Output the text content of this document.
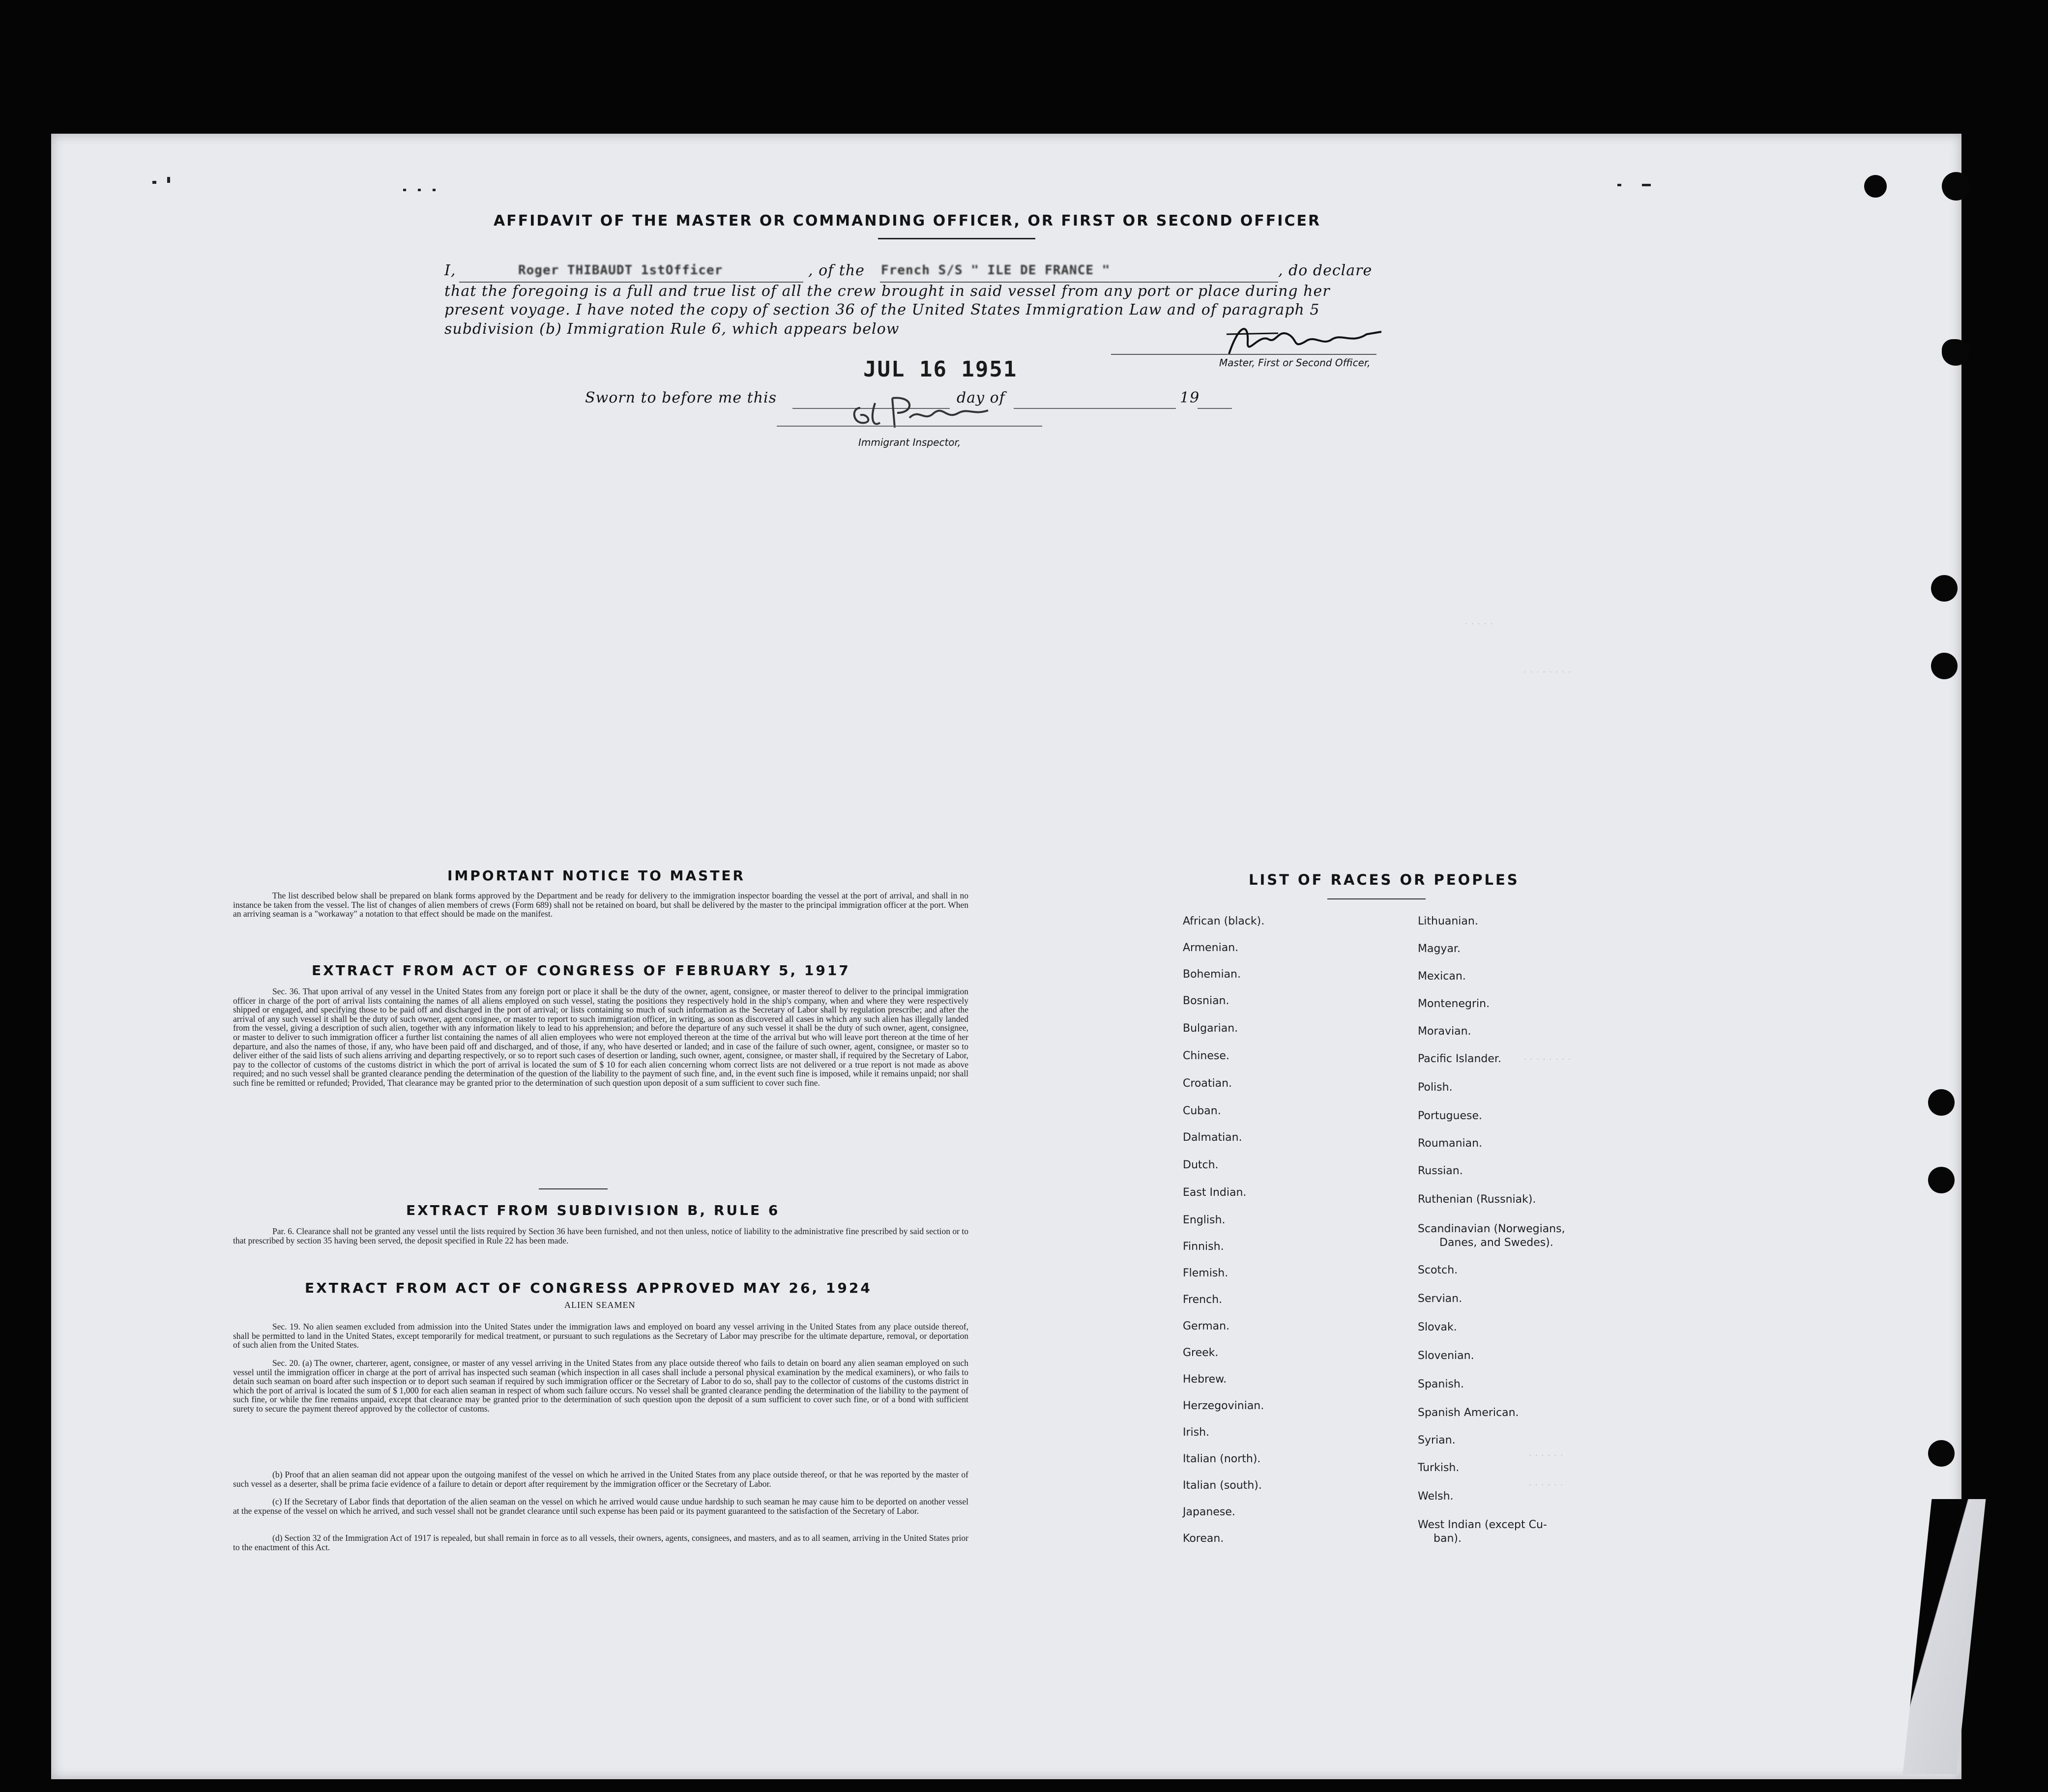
AFFIDAVIT OF THE MASTER OR COMMANDING OFFICER, OR FIRST OR SECOND OFFICER
I,	Roger THIBAUDT 1stOfficer	, of the French S/S " ILE DE FRANCE "	, do declare
that the foregoing is a full and true list of all the crew brought in said vessel from any port or place during her
present voyage. I have noted the copy of section 36 of the United States Immigration Law and of paragraph 5
subdivision (b) Immigration Rule 6, which appears below
Master, First or Second Officer,
JUL 16 1951
Sworn to before me this	day of	19
Immigrant Inspector,
· · · · ·
· · · · · · · ·
· · · · · · · ·
· · · · · ·
· · · · · ·
IMPORTANT NOTICE TO MASTER
The list described below shall be prepared on blank forms approved by the Department and be ready for delivery to the immigration inspector boarding the vessel at the port of arrival, and shall in no instance be taken from the vessel. The list of changes of alien members of crews (Form 689) shall not be retained on board, but shall be delivered by the master to the principal immigration officer at the port. When an arriving seaman is a "workaway" a notation to that effect should be made on the manifest.
EXTRACT FROM ACT OF CONGRESS OF FEBRUARY 5, 1917
Sec. 36. That upon arrival of any vessel in the United States from any foreign port or place it shall be the duty of the owner, agent, consignee, or master thereof to deliver to the principal immigration officer in charge of the port of arrival lists containing the names of all aliens employed on such vessel, stating the positions they respectively hold in the ship's company, when and where they were respectively shipped or engaged, and specifying those to be paid off and discharged in the port of arrival; or lists containing so much of such information as the Secretary of Labor shall by regulation prescribe; and after the arrival of any such vessel it shall be the duty of such owner, agent consignee, or master to report to such immigration officer, in writing, as soon as discovered all cases in which any such alien has illegally landed from the vessel, giving a description of such alien, together with any information likely to lead to his apprehension; and before the departure of any such vessel it shall be the duty of such owner, agent, consignee, or master to deliver to such immigration officer a further list containing the names of all alien employees who were not employed thereon at the time of the arrival but who will leave port thereon at the time of her departure, and also the names of those, if any, who have been paid off and discharged, and of those, if any, who have deserted or landed; and in case of the failure of such owner, agent, consignee, or master so to deliver either of the said lists of such aliens arriving and departing respectively, or so to report such cases of desertion or landing, such owner, agent, consignee, or master shall, if required by the Secretary of Labor, pay to the collector of customs of the customs district in which the port of arrival is located the sum of $ 10 for each alien concerning whom correct lists are not delivered or a true report is not made as above required; and no such vessel shall be granted clearance pending the determination of the question of the liability to the payment of such fine, and, in the event such fine is imposed, while it remains unpaid; nor shall such fine be remitted or refunded; Provided, That clearance may be granted prior to the determination of such question upon deposit of a sum sufficient to cover such fine.
EXTRACT FROM SUBDIVISION B, RULE 6
Par. 6. Clearance shall not be granted any vessel until the lists required by Section 36 have been furnished, and not then unless, notice of liability to the administrative fine prescribed by said section or to that prescribed by section 35 having been served, the deposit specified in Rule 22 has been made.
EXTRACT FROM ACT OF CONGRESS APPROVED MAY 26, 1924
ALIEN SEAMEN
Sec. 19. No alien seamen excluded from admission into the United States under the immigration laws and employed on board any vessel arriving in the United States from any place outside thereof, shall be permitted to land in the United States, except temporarily for medical treatment, or pursuant to such regulations as the Secretary of Labor may prescribe for the ultimate departure, removal, or deportation of such alien from the United States.
Sec. 20. (a) The owner, charterer, agent, consignee, or master of any vessel arriving in the United States from any place outside thereof who fails to detain on board any alien seaman employed on such vessel until the immigration officer in charge at the port of arrival has inspected such seaman (which inspection in all cases shall include a personal physical examination by the medical examiners), or who fails to detain such seaman on board after such inspection or to deport such seaman if required by such immigration officer or the Secretary of Labor to do so, shall pay to the collector of customs of the customs district in which the port of arrival is located the sum of $ 1,000 for each alien seaman in respect of whom such failure occurs. No vessel shall be granted clearance pending the determination of the liability to the payment of such fine, or while the fine remains unpaid, except that clearance may be granted prior to the determination of such question upon the deposit of a sum sufficient to cover such fine, or of a bond with sufficient surety to secure the payment thereof approved by the collector of customs.
(b) Proof that an alien seaman did not appear upon the outgoing manifest of the vessel on which he arrived in the United States from any place outside thereof, or that he was reported by the master of such vessel as a deserter, shall be prima facie evidence of a failure to detain or deport after requirement by the immigration officer or the Secretary of Labor.
(c) If the Secretary of Labor finds that deportation of the alien seaman on the vessel on which he arrived would cause undue hardship to such seaman he may cause him to be deported on another vessel at the expense of the vessel on which he arrived, and such vessel shall not be grandet clearance until such expense has been paid or its payment guaranteed to the satisfaction of the Secretary of Labor.
(d) Section 32 of the Immigration Act of 1917 is repealed, but shall remain in force as to all vessels, their owners, agents, consignees, and masters, and as to all seamen, arriving in the United States prior to the enactment of this Act.
LIST OF RACES OR PEOPLES
African (black).
Armenian.
Bohemian.
Bosnian.
Bulgarian.
Chinese.
Croatian.
Cuban.
Dalmatian.
Dutch.
East Indian.
English.
Finnish.
Flemish.
French.
German.
Greek.
Hebrew.
Herzegovinian.
Irish.
Italian (north).
Italian (south).
Japanese.
Korean.
Lithuanian.
Magyar.
Mexican.
Montenegrin.
Moravian.
Pacific Islander.
Polish.
Portuguese.
Roumanian.
Russian.
Ruthenian (Russniak).
Scandinavian (Norwegians,
Danes, and Swedes).
Scotch.
Servian.
Slovak.
Slovenian.
Spanish.
Spanish American.
Syrian.
Turkish.
Welsh.
West Indian (except Cu-
ban).
